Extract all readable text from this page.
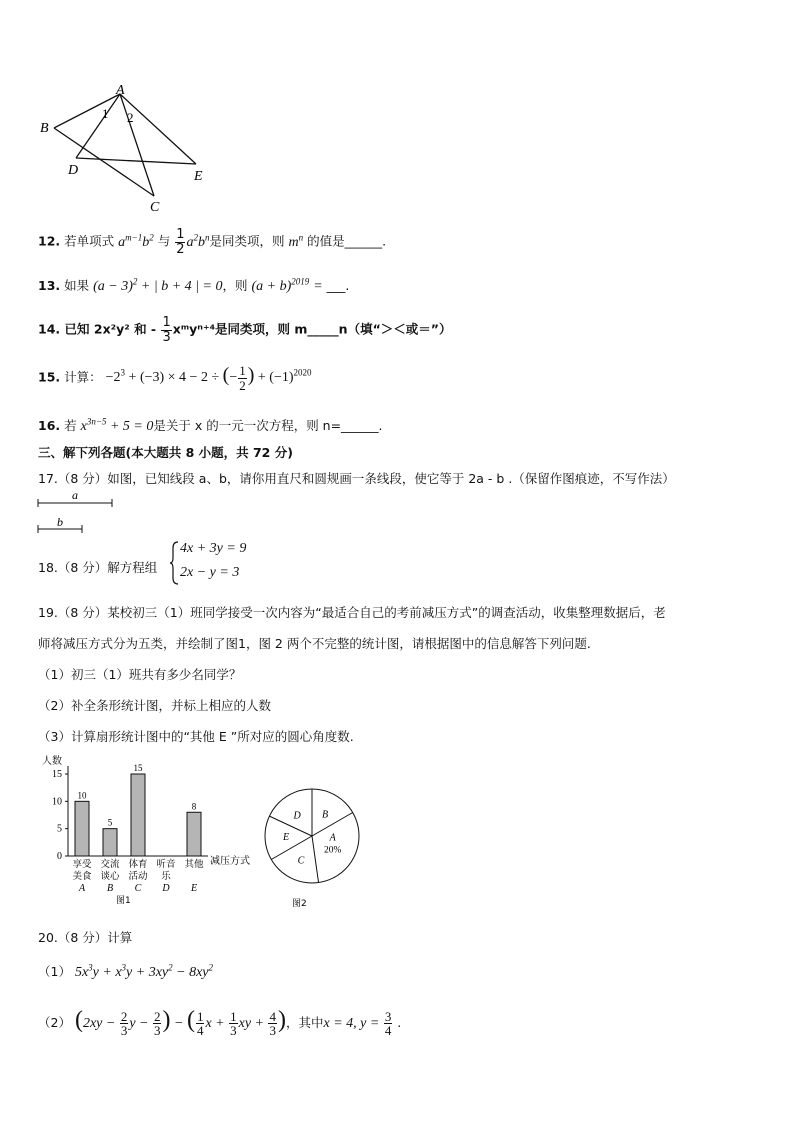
A
B
D	E
C
1 2
12. 若单项式 $a^{m-1}b^2$ 与 $\frac{1}{2} a^2b^n$是同类项，则 $m^n$ 的值是______.
13. 如果 $(a - 3)^2$ + | b + 4 | = 0，则 $(a + b)^{2019}$ = ___.
14. 已知 2x²y² 和 - $\frac{1}{3}$ xᵐyⁿ⁺⁴是同类项，则 m_____n（填“＞＜或＝”）
15. 计算： $-2^3 + (-3) \times 4 - 2$ ÷ (− $\frac{1}{2}$ ) + $(-1)^{2020}$
16. 若 $x^{3n-5} + 5 = 0$是关于 x 的一元一次方程，则 n=______.
三、解下列各题(本大题共 8 小题，共 72 分)
17.（8 分）如图，已知线段 a、b，请你用直尺和圆规画一条线段，使它等于 2a - b .（保留作图痕迹，不写作法）
a
b
18.（8 分）解方程组
4x + 3y = 9
2x − y = 3
19.（8 分）某校初三（1）班同学接受一次内容为“最适合自己的考前减压方式”的调查活动，收集整理数据后，老
师将减压方式分为五类，并绘制了图1，图 2 两个不完整的统计图，请根据图中的信息解答下列问题.
（1）初三（1）班共有多少名同学？
（2）补全条形统计图，并标上相应的人数
（3）计算扇形统计图中的“其他 E ”所对应的圆心角度数.
人数
减压方式
图1
0
5
10
15
10
享受
美食
A
5
交流
谈心
B
15
体育
活动
C
听音
乐
D
8
其他
E
B
A
20%
C
E
D
图2
20.（8 分）计算
（1） $5x^3y + x^3y + 3xy^2 - 8xy^2$
（2） ($2xy - \frac{2}{3}$ $y - \frac{2}{3}$ ) − ( $\frac{1}{4}$ $x + \frac{1}{3}$ xy + $\frac{4}{3}$ )，其中x = 4, $y = \frac{3}{4}$ .
